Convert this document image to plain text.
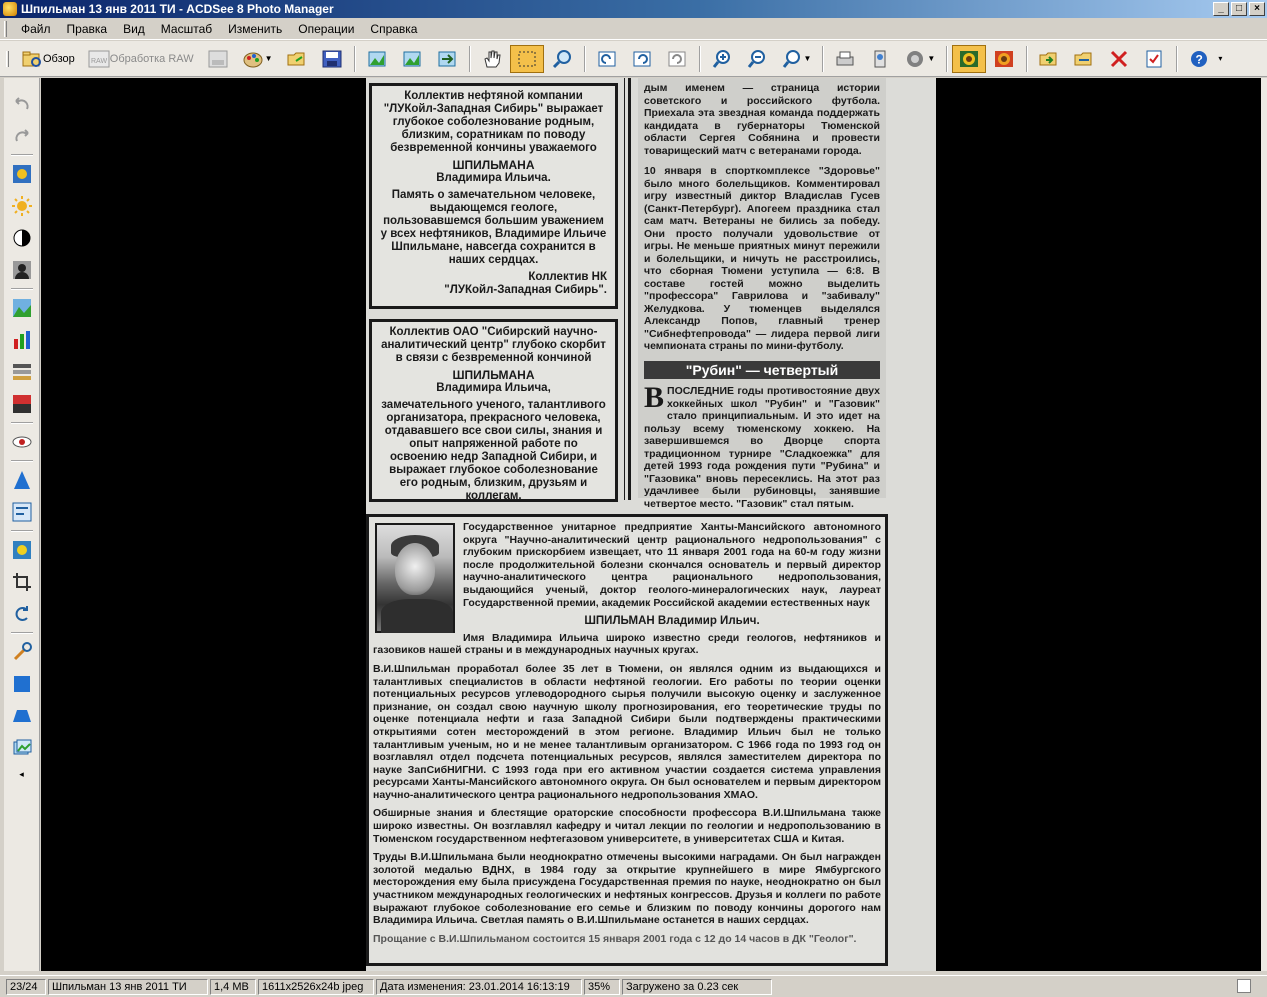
Шпильман 13 янв 2011 ТИ - ACDSee 8 Photo Manager	_	□	×
Файл	Правка	Вид	Масштаб	Изменить	Операции	Справка
Обзор RAW Обработка RAW	▼	▼	▼	? ▾
◂

Коллектив нефтяной компании "ЛУКойл-Западная Сибирь" выражает глубокое соболезнование родным, близким, соратникам по поводу безвременной кончины уважаемого

ШПИЛЬМАНА

Владимира Ильича.

Память о замечательном человеке, выдающемся геологе, пользовавшемся большим уважением у всех нефтяников, Владимире Ильиче Шпильмане, навсегда сохранится в наших сердцах.

Коллектив НК

"ЛУКойл-Западная Сибирь".

Коллектив ОАО "Сибирский научно-аналитический центр" глубоко скорбит в связи с безвременной кончиной

ШПИЛЬМАНА

Владимира Ильича,

замечательного ученого, талантливого организатора, прекрасного человека, отдававшего все свои силы, знания и опыт напряженной работе по освоению недр Западной Сибири, и выражает глубокое соболезнование его родным, близким, друзьям и коллегам.

дым именем — страница истории советского и российского футбола. Приехала эта звездная команда поддержать кандидата в губернаторы Тюменской области Сергея Собянина и провести товарищеский матч с ветеранами города.

10 января в спорткомплексе "Здоровье" было много болельщиков. Комментировал игру известный диктор Владислав Гусев (Санкт-Петербург). Апогеем праздника стал сам матч. Ветераны не бились за победу. Они просто получали удовольствие от игры. Не меньше приятных минут пережили и болельщики, и ничуть не расстроились, что сборная Тюмени уступила — 6:8. В составе гостей можно выделить "профессора" Гаврилова и "забивалу" Желудкова. У тюменцев выделялся Александр Попов, главный тренер "Сибнефтепровода" — лидера первой лиги чемпионата страны по мини-футболу.

"Рубин" — четвертый

ВПОСЛЕДНИЕ годы противостояние двух хоккейных школ "Рубин" и "Газовик" стало принципиальным. И это идет на пользу всему тюменскому хоккею. На завершившемся во Дворце спорта традиционном турнире "Сладкоежка" для детей 1993 года рождения пути "Рубина" и "Газовика" вновь пересеклись. На этот раз удачливее были рубиновцы, занявшие четвертое место. "Газовик" стал пятым.

Государственное унитарное предприятие Ханты-Мансийского автономного округа "Научно-аналитический центр рационального недропользования" с глубоким прискорбием извещает, что 11 января 2001 года на 60-м году жизни после продолжительной болезни скончался основатель и первый директор научно-аналитического центра рационального недропользования, выдающийся ученый, доктор геолого-минералогических наук, лауреат Государственной премии, академик Российской академии естественных наук

ШПИЛЬМАН Владимир Ильич.

Имя Владимира Ильича широко известно среди геологов, нефтяников и газовиков нашей страны и в международных научных кругах.

В.И.Шпильман проработал более 35 лет в Тюмени, он являлся одним из выдающихся и талантливых специалистов в области нефтяной геологии. Его работы по теории оценки потенциальных ресурсов углеводородного сырья получили высокую оценку и заслуженное признание, он создал свою научную школу прогнозирования, его теоретические труды по оценке потенциала нефти и газа Западной Сибири были подтверждены практическими открытиями сотен месторождений в этом регионе. Владимир Ильич был не только талантливым ученым, но и не менее талантливым организатором. С 1966 года по 1993 год он возглавлял отдел подсчета потенциальных ресурсов, являлся заместителем директора по науке ЗапСибНИГНИ. С 1993 года при его активном участии создается система управления ресурсами Ханты-Мансийского автономного округа. Он был основателем и первым директором научно-аналитического центра рационального недропользования ХМАО.

Обширные знания и блестящие ораторские способности профессора В.И.Шпильмана также широко известны. Он возглавлял кафедру и читал лекции по геологии и недропользованию в Тюменском государственном нефтегазовом университете, в университетах США и Китая.

Труды В.И.Шпильмана были неоднократно отмечены высокими наградами. Он был награжден золотой медалью ВДНХ, в 1984 году за открытие крупнейшего в мире Ямбургского месторождения ему была присуждена Государственная премия по науке, неоднократно он был участником международных геологических и нефтяных конгрессов. Друзья и коллеги по работе выражают глубокое соболезнование его семье и близким по поводу кончины дорогого нам Владимира Ильича. Светлая память о В.И.Шпильмане останется в наших сердцах.

Прощание с В.И.Шпильманом состоится 15 января 2001 года с 12 до 14 часов в ДК "Геолог".

23/24	Шпильман 13 янв 2011 ТИ	1,4 MB	1611x2526x24b jpeg	Дата изменения: 23.01.2014 16:13:19	35%	Загружено за 0.23 сек
